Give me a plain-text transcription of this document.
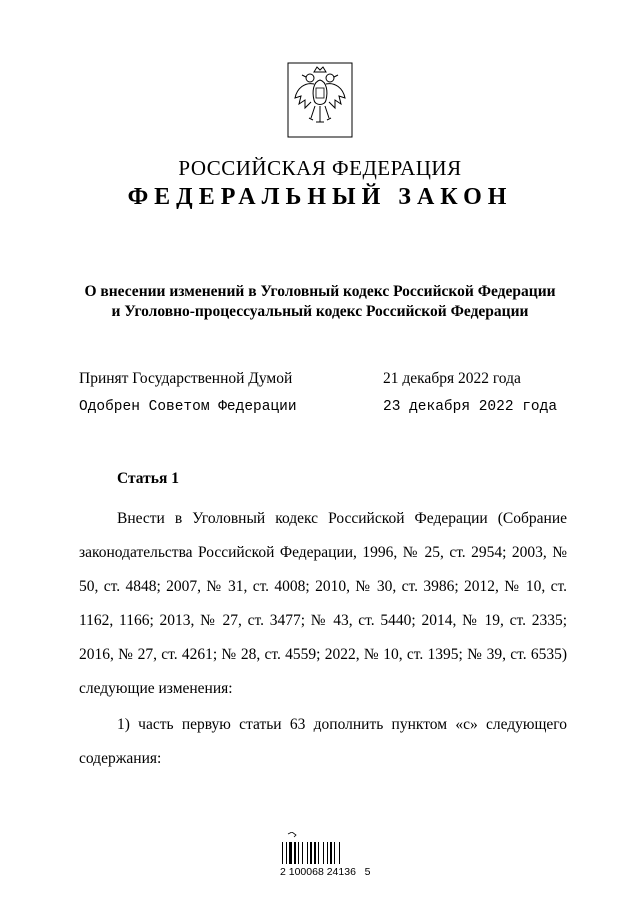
РОССИЙСКАЯ ФЕДЕРАЦИЯ
ФЕДЕРАЛЬНЫЙ ЗАКОН
О внесении изменений в Уголовный кодекс Российской Федерации
и Уголовно-процессуальный кодекс Российской Федерации
Принят Государственной Думой	21 декабря 2022 года
Одобрен Советом Федерации	23 декабря 2022 года
Статья 1
Внести в Уголовный кодекс Российской Федерации (Собрание законодательства Российской Федерации, 1996, № 25, ст. 2954; 2003, № 50, ст. 4848; 2007, № 31, ст. 4008; 2010, № 30, ст. 3986; 2012, № 10, ст. 1162, 1166; 2013, № 27, ст. 3477; № 43, ст. 5440; 2014, № 19, ст. 2335; 2016, № 27, ст. 4261; № 28, ст. 4559; 2022, № 10, ст. 1395; № 39, ст. 6535) следующие изменения:
1) часть первую статьи 63 дополнить пунктом «с» следующего содержания:
2 100068 24136   5
